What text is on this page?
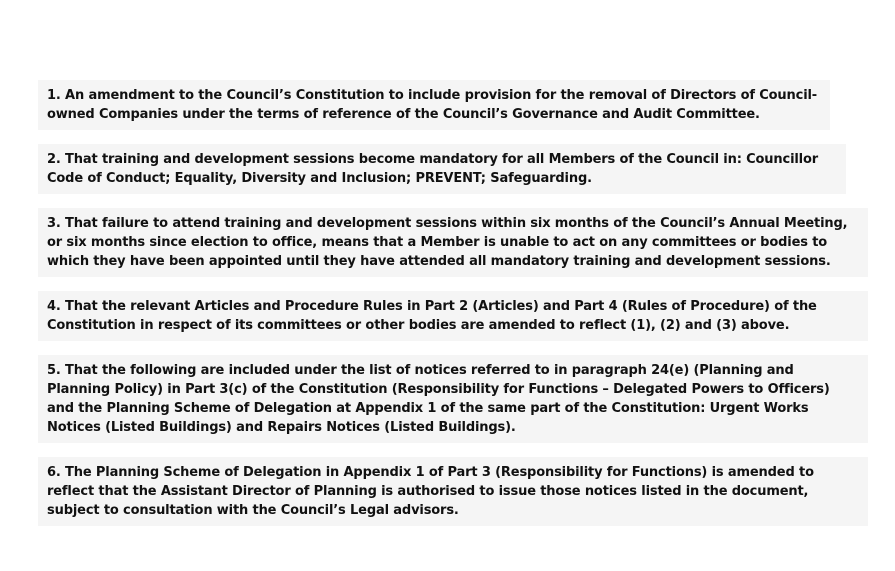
1. An amendment to the Council’s Constitution to include provision for the removal of Directors of Council-owned Companies under the terms of reference of the Council’s Governance and Audit Committee.

2. That training and development sessions become mandatory for all Members of the Council in: Councillor Code of Conduct; Equality, Diversity and Inclusion; PREVENT; Safeguarding.

3. That failure to attend training and development sessions within six months of the Council’s Annual Meeting, or six months since election to office, means that a Member is unable to act on any committees or bodies to which they have been appointed until they have attended all mandatory training and development sessions.

4. That the relevant Articles and Procedure Rules in Part 2 (Articles) and Part 4 (Rules of Procedure) of the Constitution in respect of its committees or other bodies are amended to reflect (1), (2) and (3) above.

5. That the following are included under the list of notices referred to in paragraph 24(e) (Planning and Planning Policy) in Part 3(c) of the Constitution (Responsibility for Functions – Delegated Powers to Officers) and the Planning Scheme of Delegation at Appendix 1 of the same part of the Constitution: Urgent Works Notices (Listed Buildings) and Repairs Notices (Listed Buildings).

6. The Planning Scheme of Delegation in Appendix 1 of Part 3 (Responsibility for Functions) is amended to reflect that the Assistant Director of Planning is authorised to issue those notices listed in the document, subject to consultation with the Council’s Legal advisors.
